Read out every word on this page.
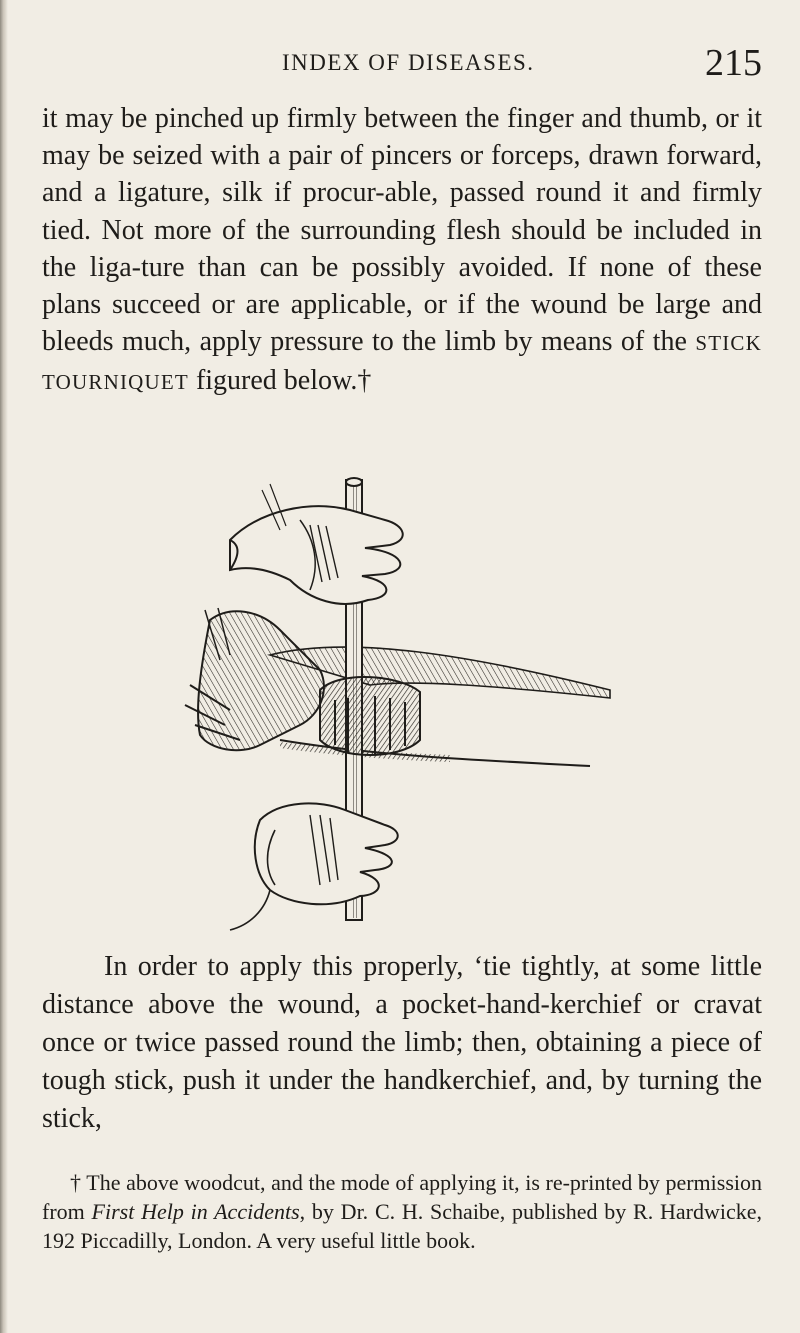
INDEX OF DISEASES.	215

it may be pinched up firmly between the finger and thumb, or it may be seized with a pair of pincers or forceps, drawn forward, and a ligature, silk if procur-able, passed round it and firmly tied. Not more of the surrounding flesh should be included in the liga-ture than can be possibly avoided. If none of these plans succeed or are applicable, or if the wound be large and bleeds much, apply pressure to the limb by means of the STICK TOURNIQUET figured below.†

In order to apply this properly, ‘tie tightly, at some little distance above the wound, a pocket-hand-kerchief or cravat once or twice passed round the limb; then, obtaining a piece of tough stick, push it under the handkerchief, and, by turning the stick,

† The above woodcut, and the mode of applying it, is re-printed by permission from First Help in Accidents, by Dr. C. H. Schaibe, published by R. Hardwicke, 192 Piccadilly, London. A very useful little book.
